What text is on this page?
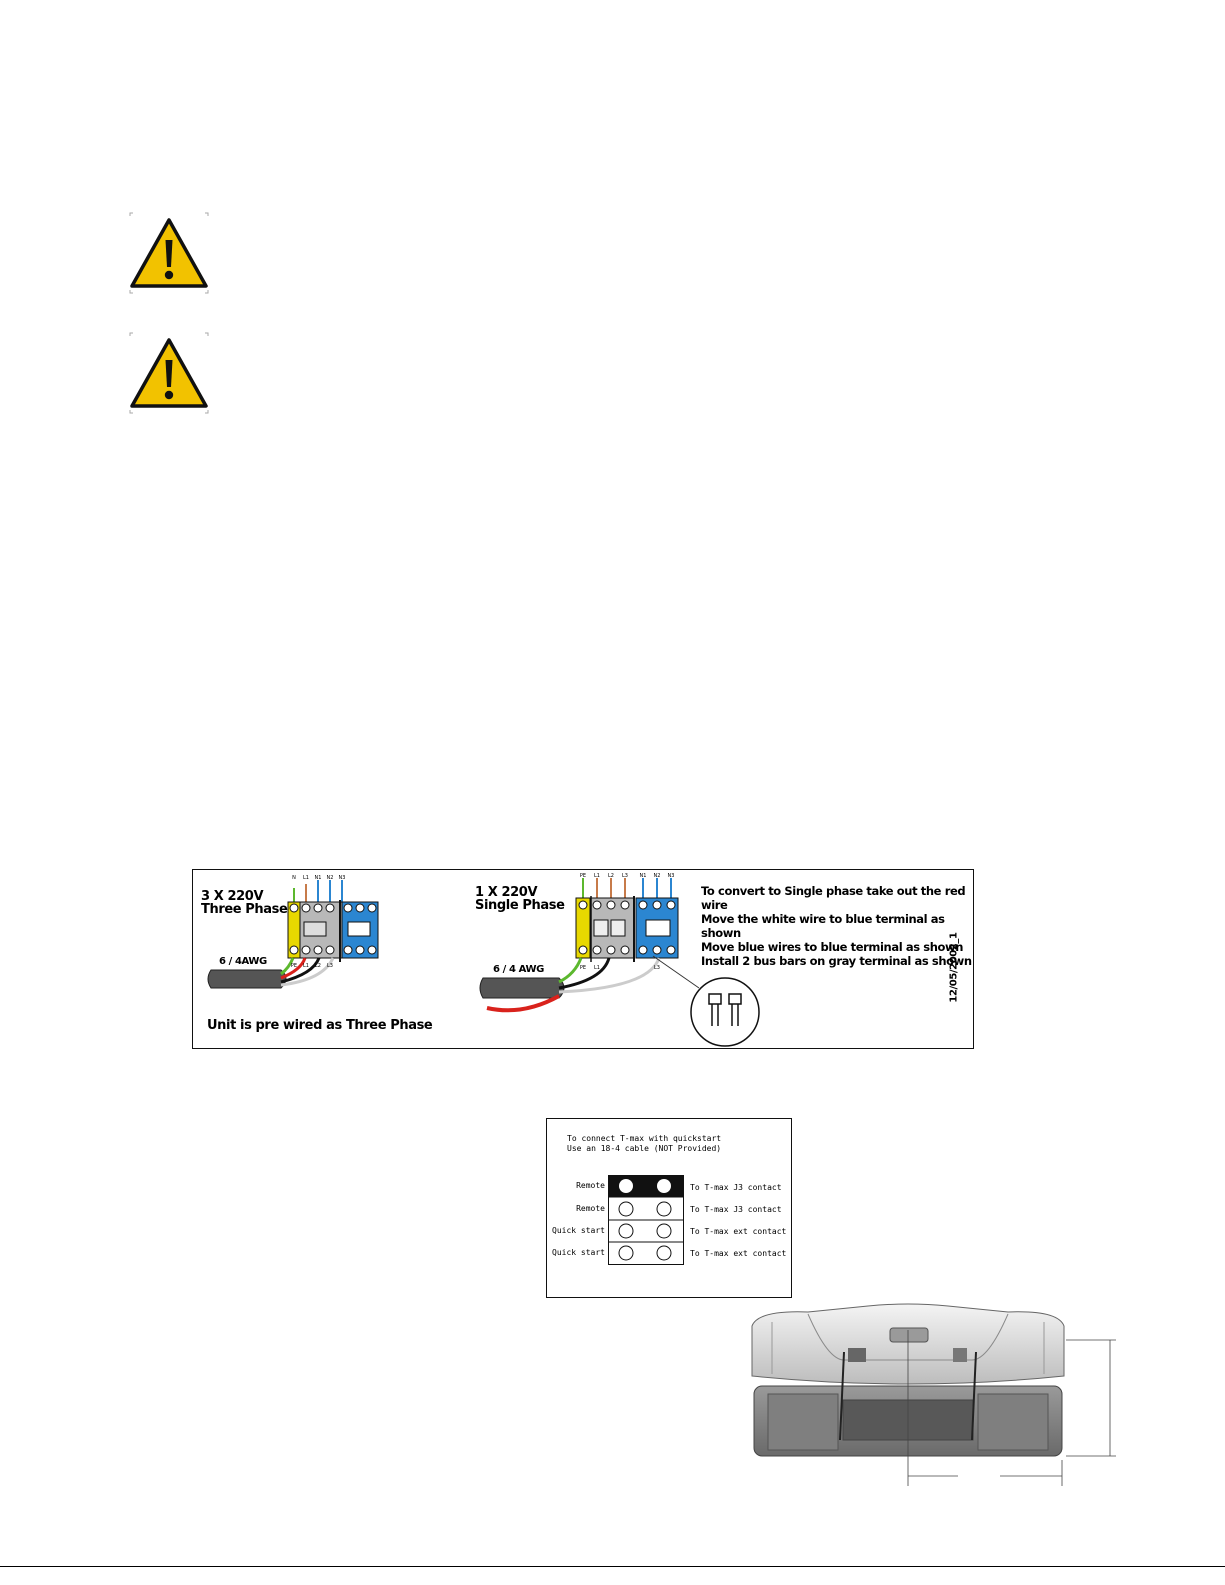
3 X 220V
Three Phase
N L1 N1 N2 N3
PE L1 L2 L3
6 / 4AWG
Unit is pre wired as Three Phase
1 X 220V
Single Phase
PE L1 L2 L3 N1 N2 N3
PE L1	L3
6 / 4 AWG
To convert to Single phase take out the red wire
Move the white wire to blue terminal as shown
Move blue wires to blue terminal as shown
Install 2 bus bars on gray terminal as shown
12/05/2002_1
To connect T-max with quickstart
Use an 18-4 cable (NOT Provided)
Remote
Remote
Quick start
Quick start
To T-max J3 contact
To T-max J3 contact
To T-max ext contact
To T-max ext contact
